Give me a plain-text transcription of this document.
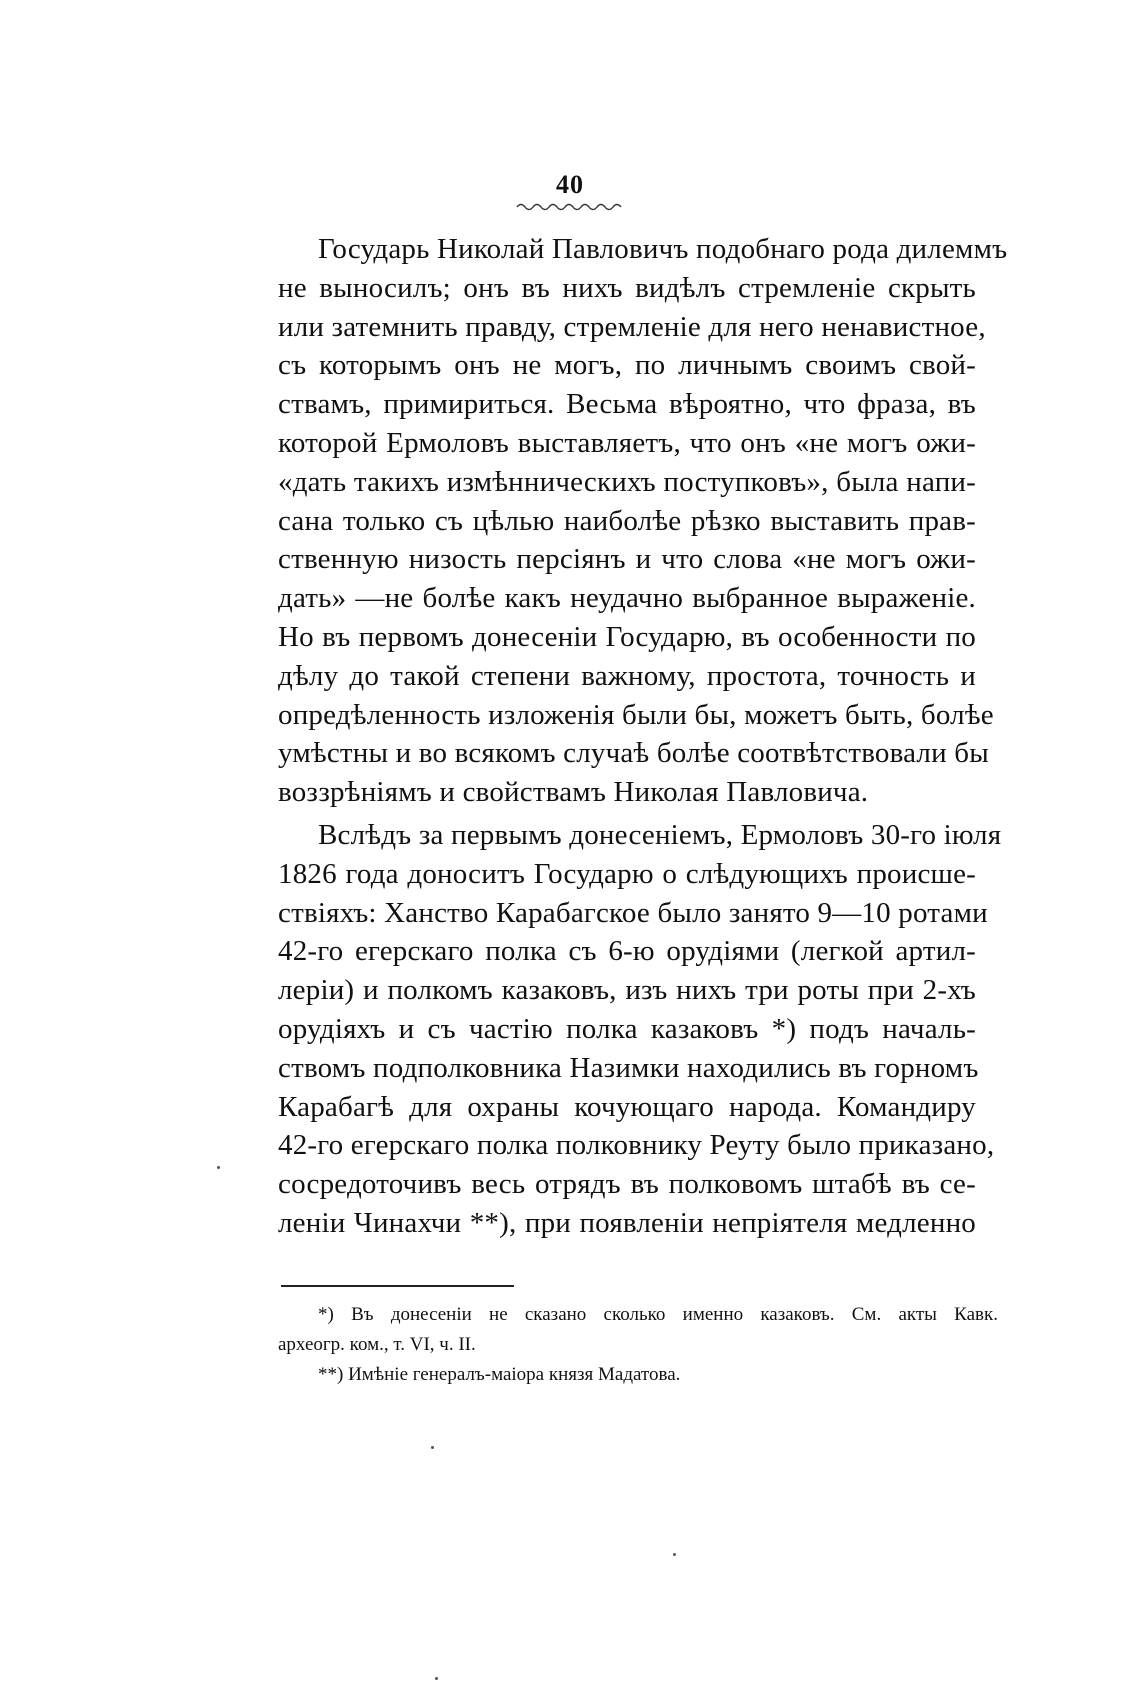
40
Государь Николай Павловичъ подобнаго рода дилеммъ
не выносилъ; онъ въ нихъ видѣлъ стремленіе скрыть
или затемнить правду, стремленіе для него ненавистное,
съ которымъ онъ не могъ, по личнымъ своимъ свой-
ствамъ, примириться. Весьма вѣроятно, что фраза, въ
которой Ермоловъ выставляетъ, что онъ «не могъ ожи-
«дать такихъ измѣнническихъ поступковъ», была напи-
сана только съ цѣлью наиболѣе рѣзко выставить прав-
ственную низость персіянъ и что слова «не могъ ожи-
дать» —не болѣе какъ неудачно выбранное выраженіе.
Но въ первомъ донесеніи Государю, въ особенности по
дѣлу до такой степени важному, простота, точность и
опредѣленность изложенія были бы, можетъ быть, болѣе
умѣстны и во всякомъ случаѣ болѣе соотвѣтствовали бы
воззрѣніямъ и свойствамъ Николая Павловича.
Вслѣдъ за первымъ донесеніемъ, Ермоловъ 30-го іюля
1826 года доноситъ Государю о слѣдующихъ происше-
ствіяхъ: Ханство Карабагское было занято 9—10 ротами
42-го егерскаго полка съ 6-ю орудіями (легкой артил-
леріи) и полкомъ казаковъ, изъ нихъ три роты при 2-хъ
орудіяхъ и съ частію полка казаковъ *) подъ началь-
ствомъ подполковника Назимки находились въ горномъ
Карабагѣ для охраны кочующаго народа. Командиру
42-го егерскаго полка полковнику Реуту было приказано,
сосредоточивъ весь отрядъ въ полковомъ штабѣ въ се-
леніи Чинахчи **), при появленіи непріятеля медленно
*) Въ донесеніи не сказано сколько именно казаковъ. См. акты Кавк.
археогр. ком., т. VI, ч. II.
**) Имѣніе генералъ-маіора князя Мадатова.
